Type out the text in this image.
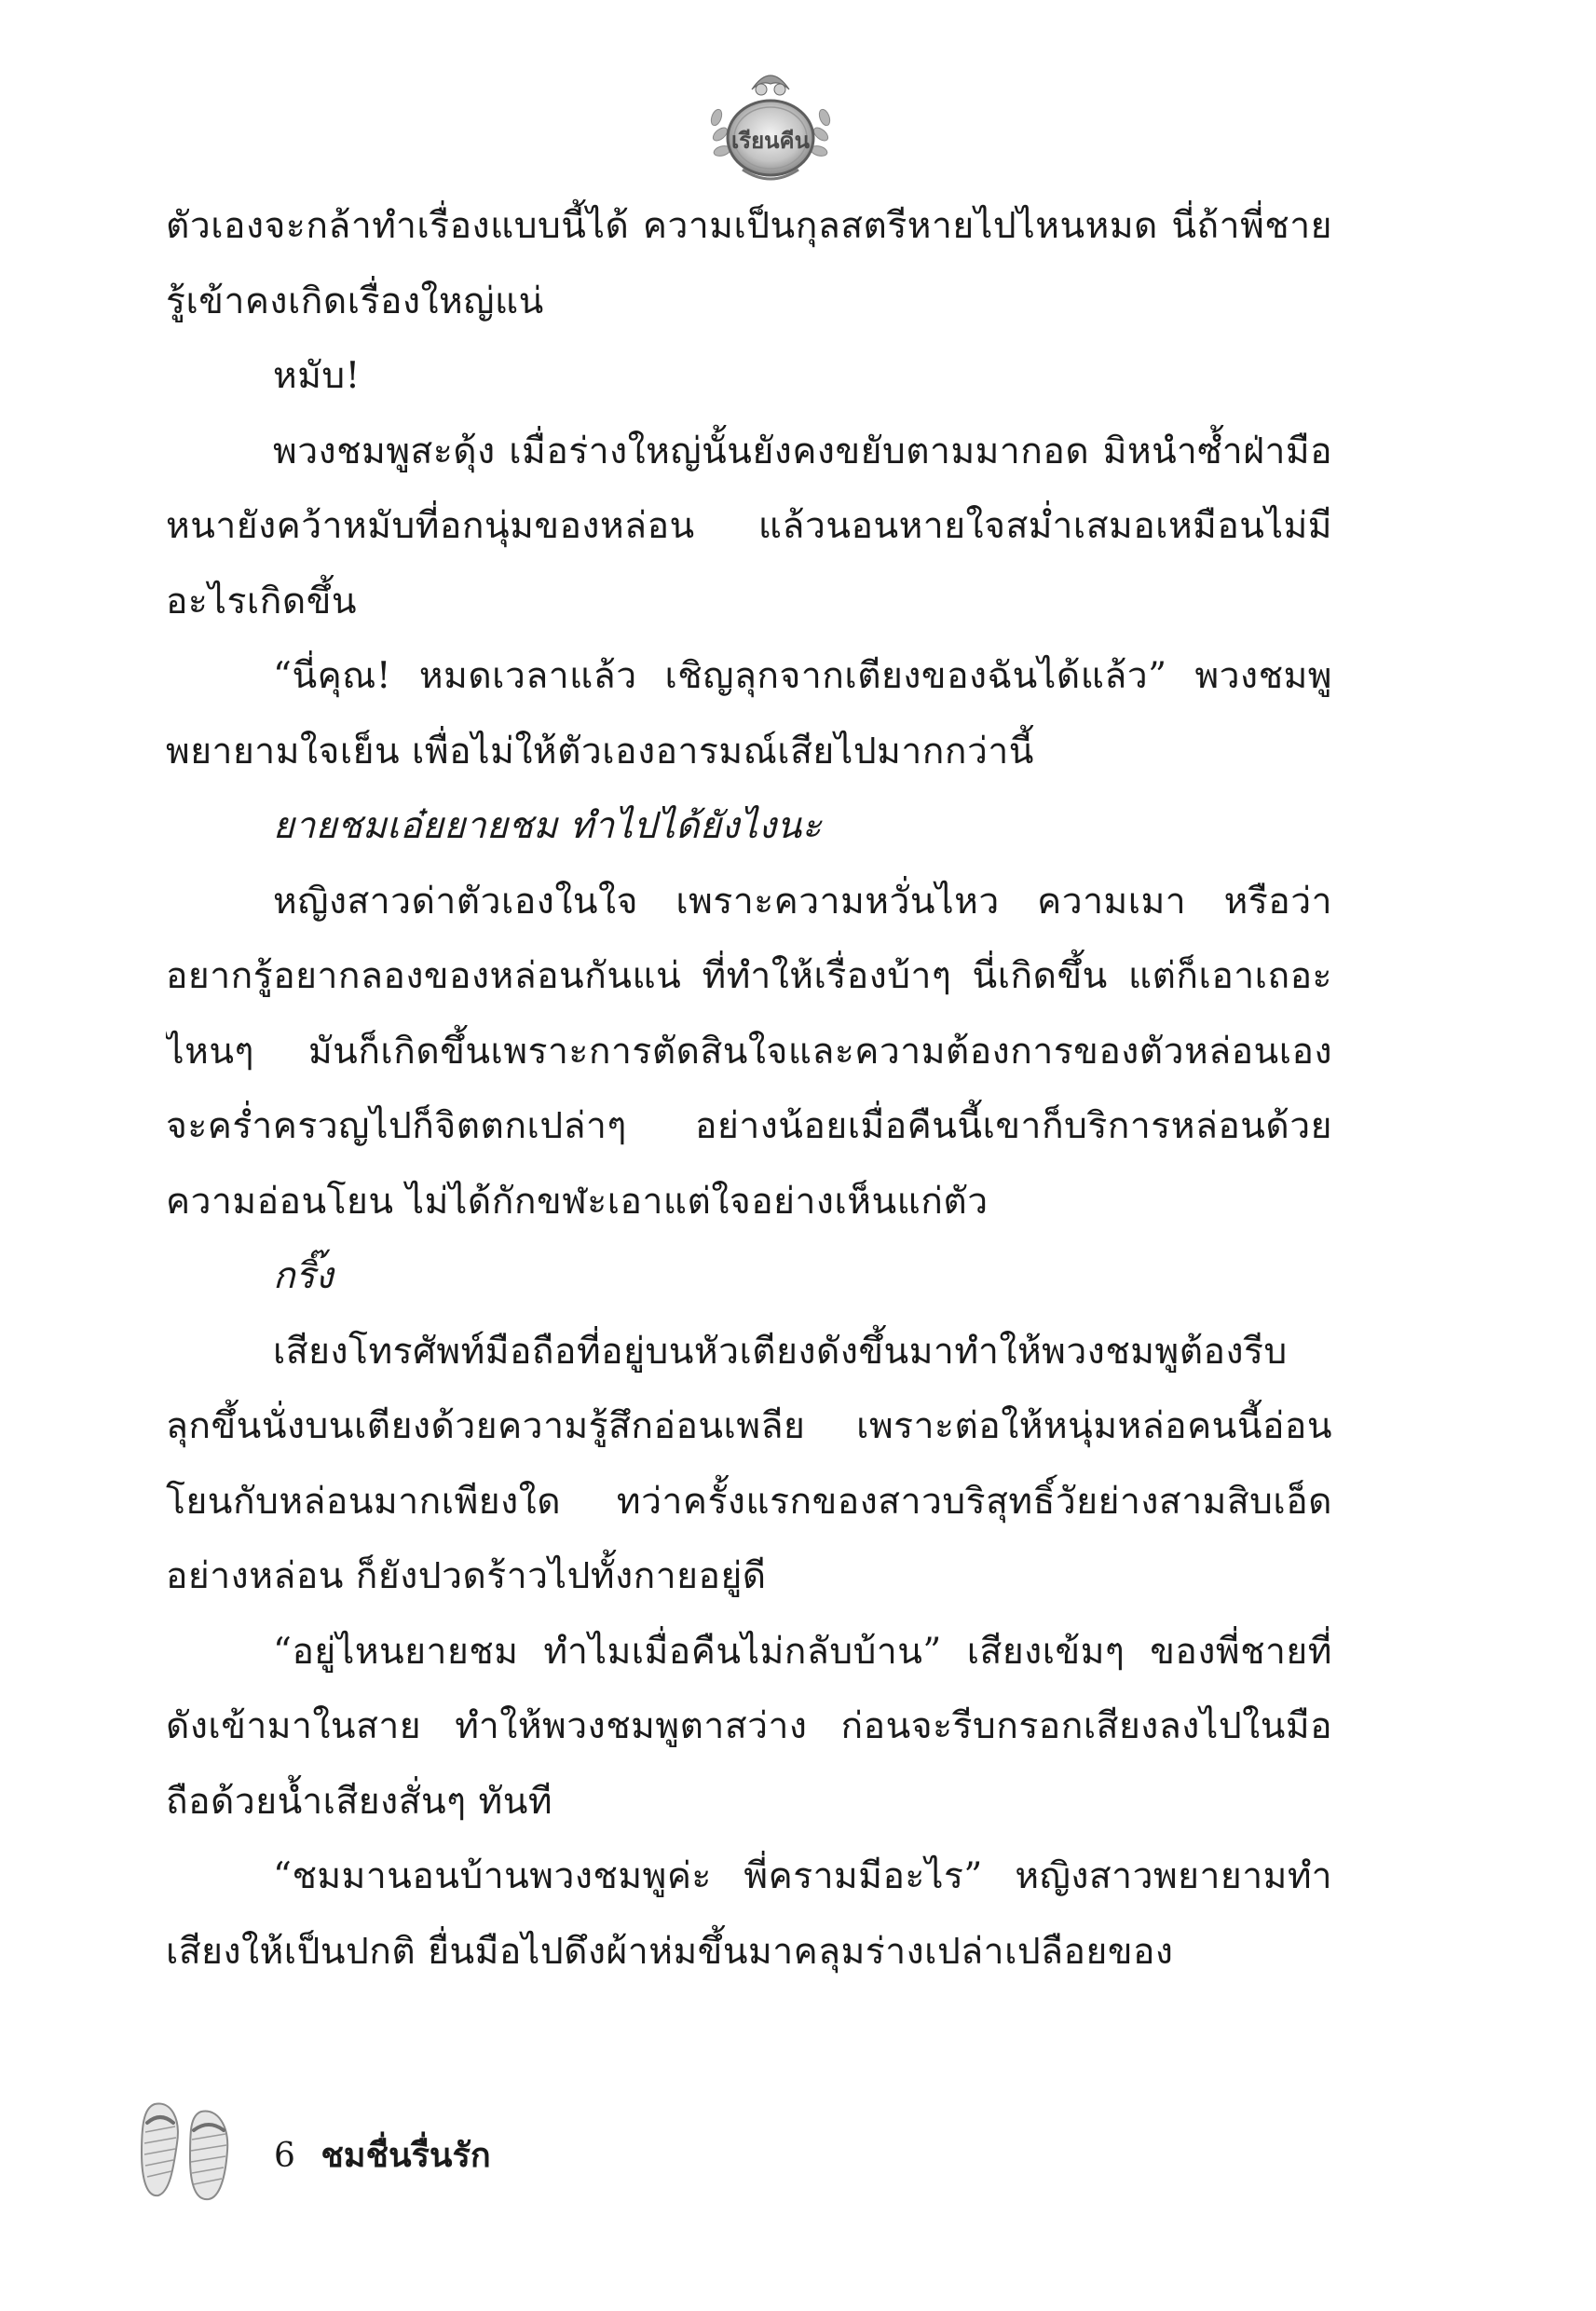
เรียนคีน

ตัวเองจะกล้าทำเรื่องแบบนี้ได้ ความเป็นกุลสตรีหายไปไหนหมด นี่ถ้าพี่ชายรู้เข้าคงเกิดเรื่องใหญ่แน่

หมับ!

พวงชมพูสะดุ้ง เมื่อร่างใหญ่นั้นยังคงขยับตามมากอด มิหนำซ้ำฝ่ามือหนายังคว้าหมับที่อกนุ่มของหล่อน แล้วนอนหายใจสม่ำเสมอเหมือนไม่มีอะไรเกิดขึ้น

“นี่คุณ! หมดเวลาแล้ว เชิญลุกจากเตียงของฉันได้แล้ว” พวงชมพูพยายามใจเย็น เพื่อไม่ให้ตัวเองอารมณ์เสียไปมากกว่านี้

ยายชมเอ๋ยยายชม ทำไปได้ยังไงนะ

หญิงสาวด่าตัวเองในใจ เพราะความหวั่นไหว ความเมา หรือว่าอยากรู้อยากลองของหล่อนกันแน่ ที่ทำให้เรื่องบ้าๆ นี่เกิดขึ้น แต่ก็เอาเถอะ ไหนๆ มันก็เกิดขึ้นเพราะการตัดสินใจและความต้องการของตัวหล่อนเอง จะคร่ำครวญไปก็จิตตกเปล่าๆ อย่างน้อยเมื่อคืนนี้เขาก็บริการหล่อนด้วยความอ่อนโยน ไม่ได้กักขฬะเอาแต่ใจอย่างเห็นแก่ตัว

กริ๊ง

เสียงโทรศัพท์มือถือที่อยู่บนหัวเตียงดังขึ้นมาทำให้พวงชมพูต้องรีบลุกขึ้นนั่งบนเตียงด้วยความรู้สึกอ่อนเพลีย เพราะต่อให้หนุ่มหล่อคนนี้อ่อนโยนกับหล่อนมากเพียงใด ทว่าครั้งแรกของสาวบริสุทธิ์วัยย่างสามสิบเอ็ดอย่างหล่อน ก็ยังปวดร้าวไปทั้งกายอยู่ดี

“อยู่ไหนยายชม ทำไมเมื่อคืนไม่กลับบ้าน” เสียงเข้มๆ ของพี่ชายที่ดังเข้ามาในสาย ทำให้พวงชมพูตาสว่าง ก่อนจะรีบกรอกเสียงลงไปในมือถือด้วยน้ำเสียงสั่นๆ ทันที

“ชมมานอนบ้านพวงชมพูค่ะ พี่ครามมีอะไร” หญิงสาวพยายามทำเสียงให้เป็นปกติ ยื่นมือไปดึงผ้าห่มขึ้นมาคลุมร่างเปล่าเปลือยของ

6 ชมชื่นรื่นรัก
